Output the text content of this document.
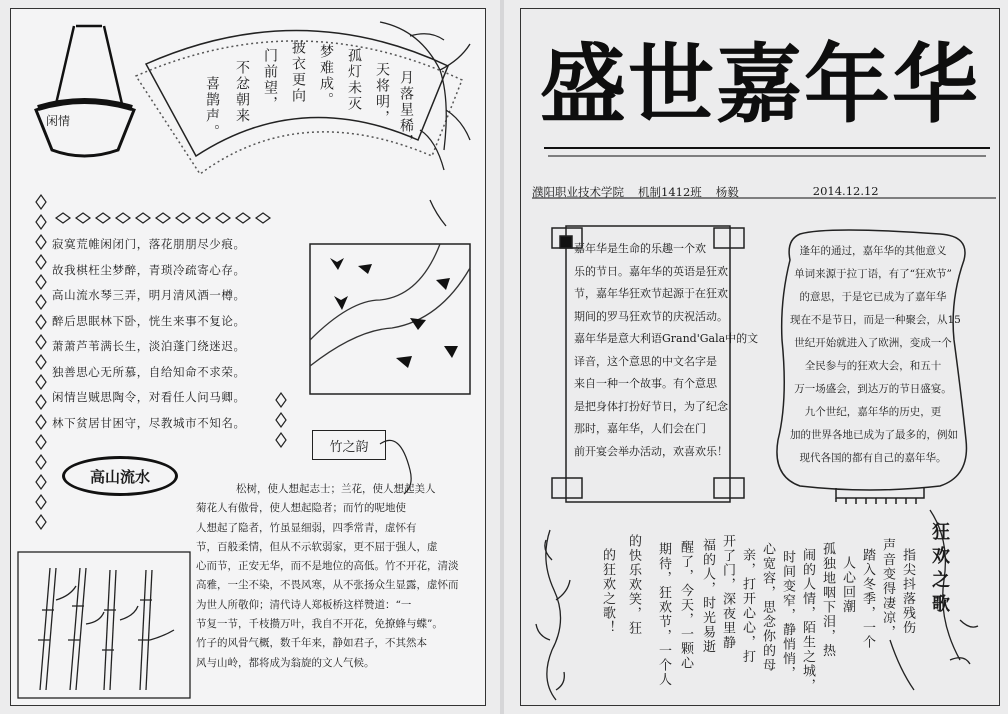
闲情	月落星稀，
天将明，
孤灯未灭
梦难成。
披衣更向
门前望，
不忿朝来
喜鹊声。
寂寞荒帷闲闭门，落花朋朋尽少痕。
故我棋枉尘梦醉，青琐冷疏寄心存。
高山流水琴三弄，明月清风酒一樽。
醉后思眠林下卧，恍生来事不复论。
萧萧芦苇满长生，淡泊蓬门绕迷迟。
独善思心无所慕，自给知命不求荣。
闲情岂贼思陶令，对看任人问马卿。
林下贫居甘困守，尽教城市不知名。
高山流水
竹之韵
松树，使人想起志士；兰花，使人想起美人
菊花人有傲骨，使人想起隐者；而竹的呢地使
人想起了隐者，竹虽显细弱，四季常青，虚怀有
节，百般柔情，但从不示软弱家，更不屈于强人，虚
心而节，正安无华，而不是地位的高低。竹不开花，清淡
高雅，一尘不染，不畏风寒，从不张扬众生显露，虚怀而
为世人所敬仰；清代诗人郑板桥这样赞道：“一
节复一节，千枝攒万叶，我自不开花，免撩蜂与蝶”。
竹子的风骨气概，数千年来，静如君子，不其然本
风与山岭，都将成为翁旋的文人气候。
盛世嘉年华
濮阳职业技术学院 机制1412班 杨毅	2014.12.12
嘉年华是生命的乐趣一个欢
乐的节日。嘉年华的英语是狂欢
节，嘉年华狂欢节起源于在狂欢
期间的罗马狂欢节的庆祝活动。
嘉年华是意大利语Grand'Gala中的文
译音，这个意思的中文名字是
来自一种一个故事。有个意思
是把身体打扮好节日，为了纪念
那时，嘉年华，人们会在门
前开宴会举办活动，欢喜欢乐！
逢年的通过，嘉年华的其他意义
单词来源于拉丁语，有了“狂欢节”
的意思，于是它已成为了嘉年华
现在不是节日，而是一种聚会，从15
世纪开始就进入了欧洲，变成一个
全民参与的狂欢大会，和五十
万一场盛会，到达万的节日盛宴。
九个世纪，嘉年华的历史，更
加的世界各地已成为了最多的，例如
现代各国的都有自己的嘉年华。
狂欢之歌
指尖抖落残伤
声音变得凄凉，
踏入冬季，一个
人心回潮
孤独地咽下泪，热
闹的人情，陌生之城，
时间变窄，静悄悄，
心宽容，思念你的母
亲，打开心心，打
开了门，深夜里静
福的人，时光易逝
醒了，今天，一颗心
期待，狂欢节，一个人
的快乐欢笑，狂
的狂欢之歌！
